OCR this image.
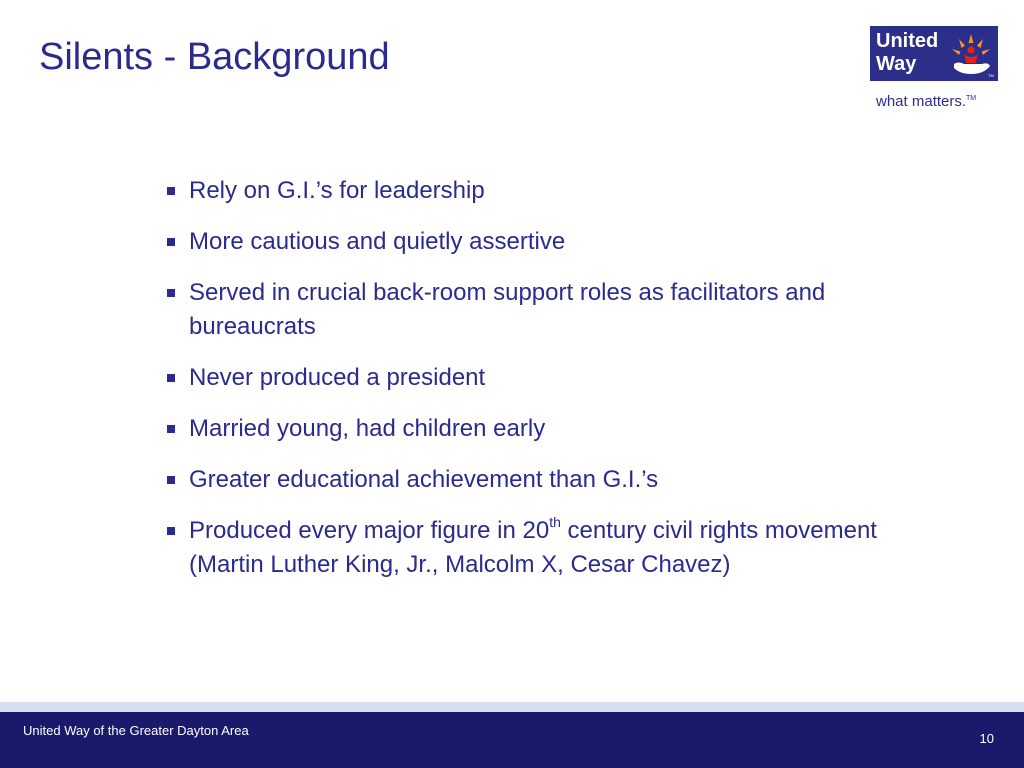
Silents - Background	United
Way
TM
what matters.™
Rely on G.I.’s for leadership
More cautious and quietly assertive
Served in crucial back-room support roles as facilitators and bureaucrats
Never produced a president
Married young, had children early
Greater educational achievement than G.I.’s
Produced every major figure in 20th century civil rights movement (Martin Luther King, Jr., Malcolm X, Cesar Chavez)
United Way of the Greater Dayton Area
10
